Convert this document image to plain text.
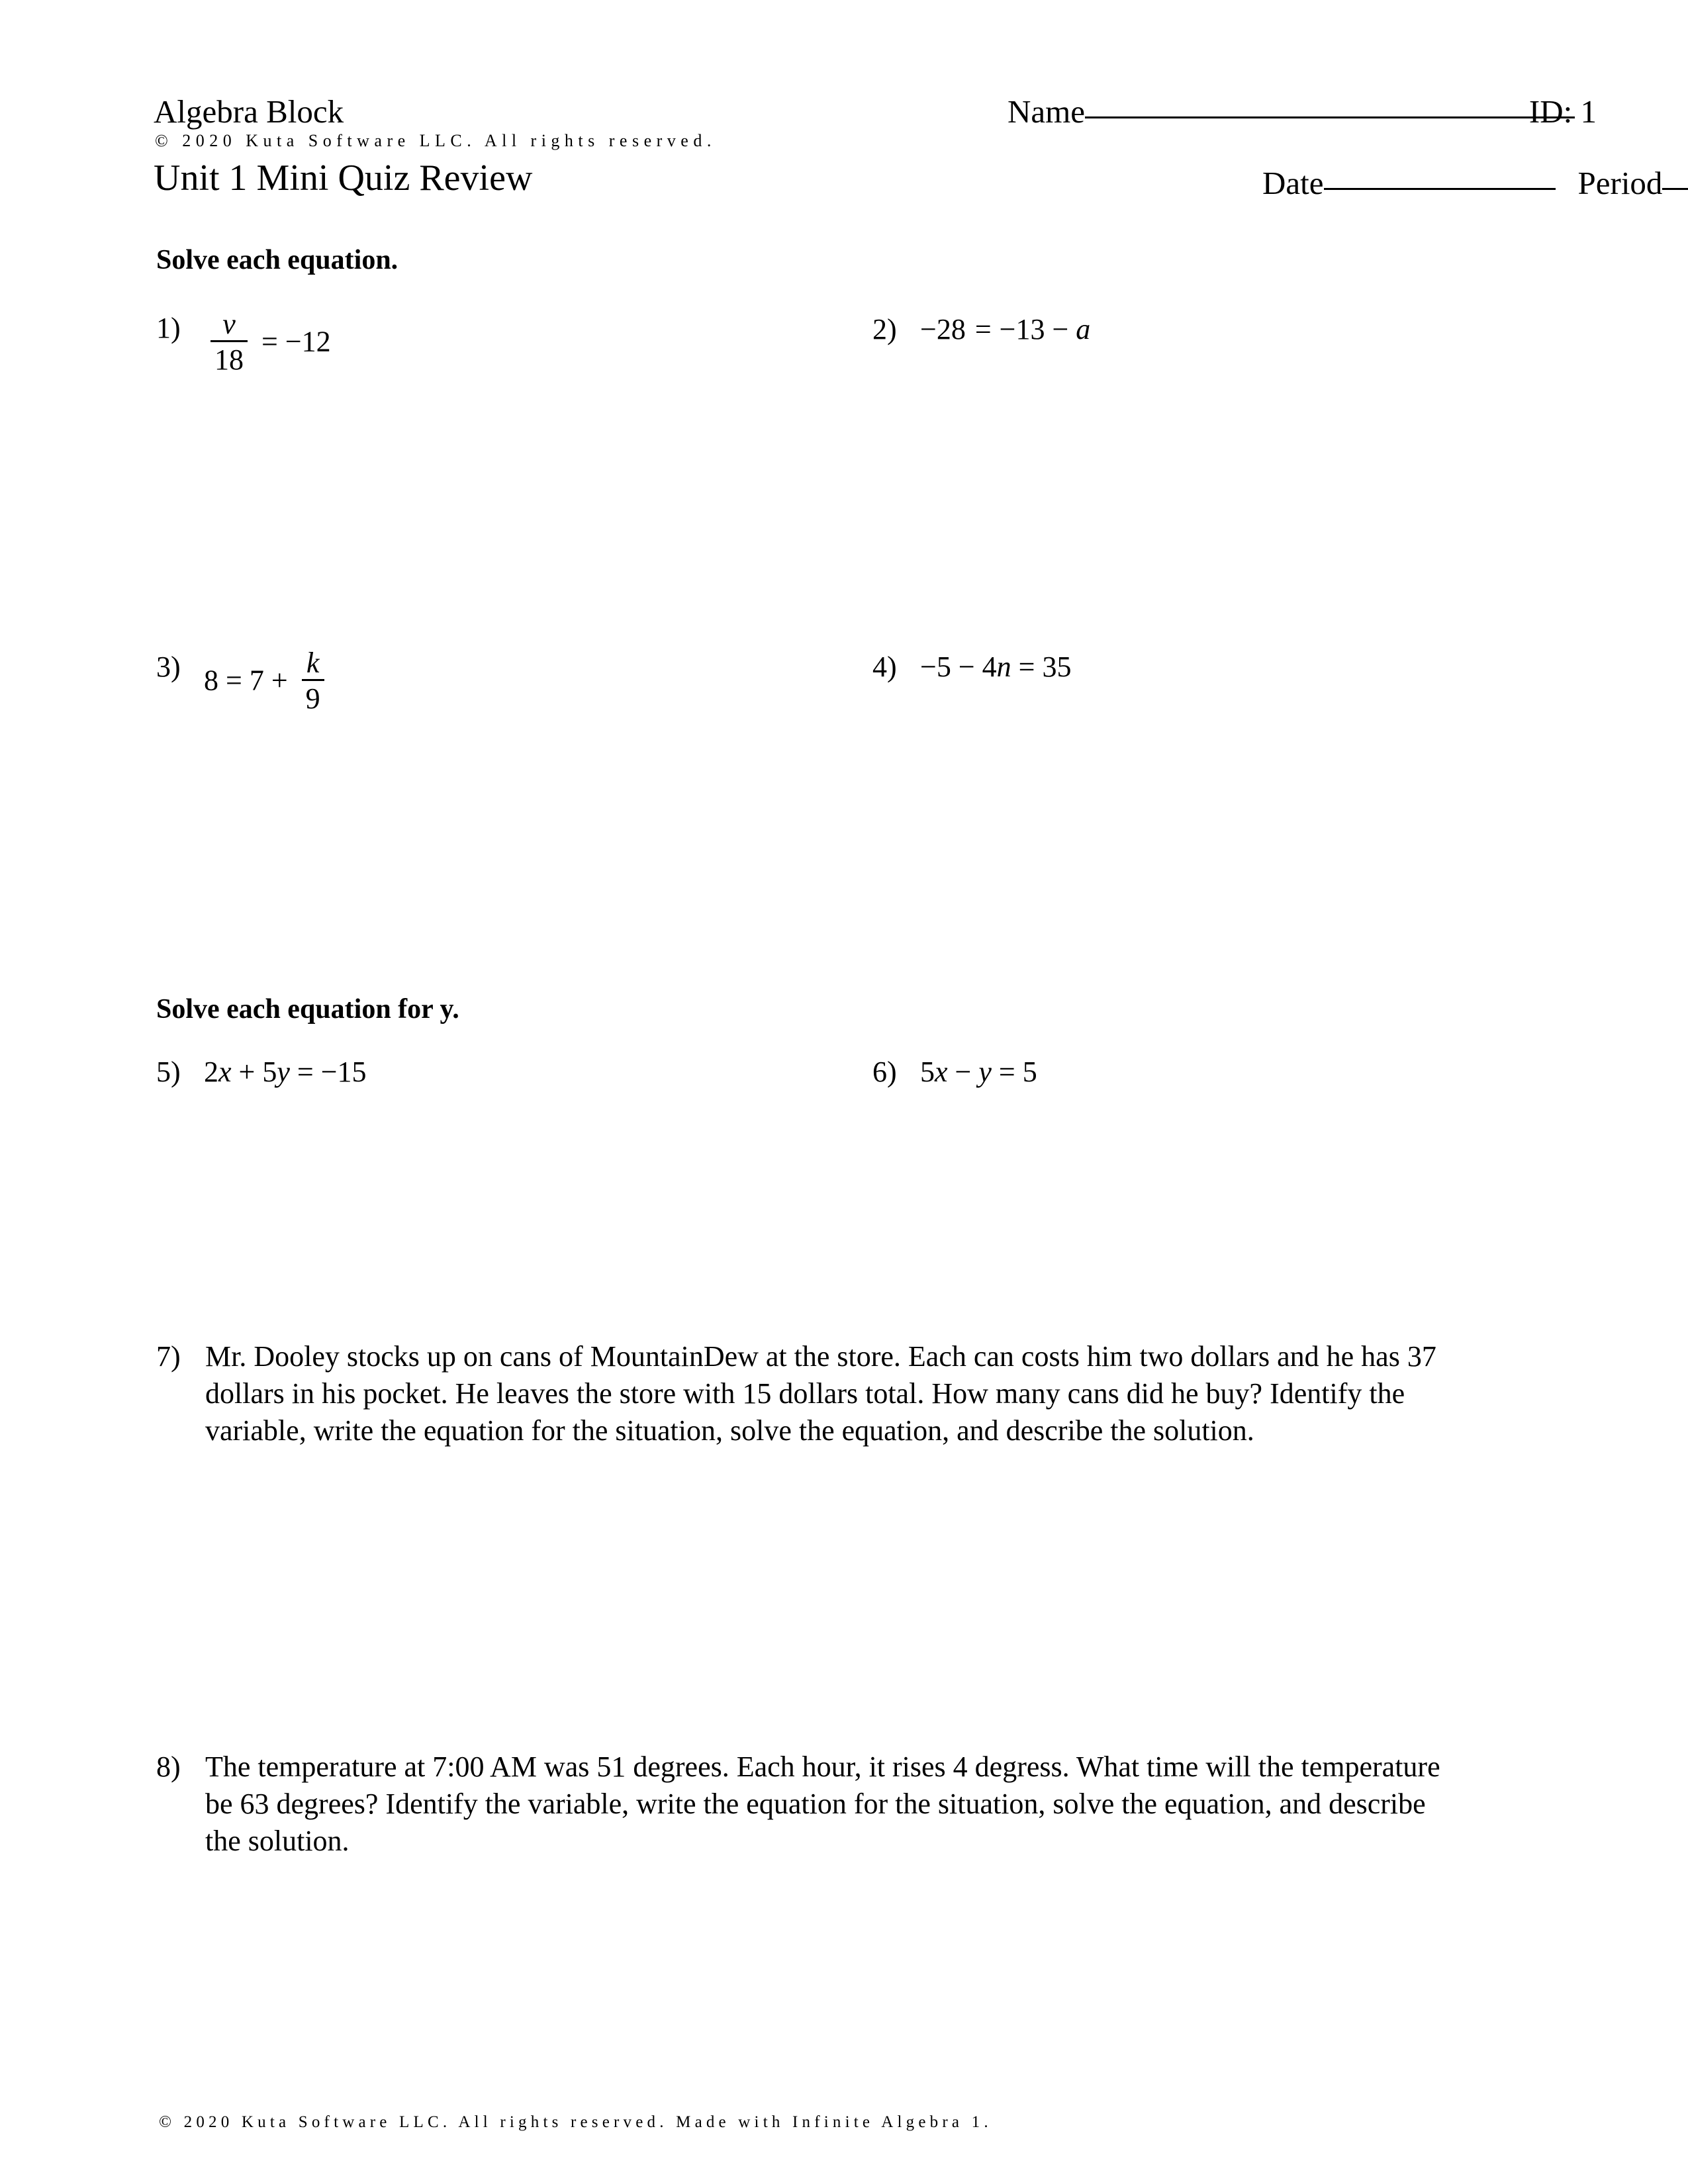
Algebra Block
© 2020 Kuta Software LLC. All rights reserved.
Unit 1 Mini Quiz Review
Name	ID: 1
Date	Period
Solve each equation.
$1) \frac{v}{18} = -12$	2) −28 = −13 − a
3) $8 = 7 + \frac{k}{9}$	4) −5 − 4n = 35
Solve each equation for y.
5) 2x + 5y = −15	6) 5x − y = 5
7) Mr. Dooley stocks up on cans of MountainDew at the store. Each can costs him two dollars and he has 37 dollars in his pocket. He leaves the store with 15 dollars total. How many cans did he buy? Identify the variable, write the equation for the situation, solve the equation, and describe the solution.
8) The temperature at 7:00 AM was 51 degrees. Each hour, it rises 4 degress. What time will the temperature be 63 degrees? Identify the variable, write the equation for the situation, solve the equation, and describe the solution.
© 2020 Kuta Software LLC. All rights reserved. Made with Infinite Algebra 1.
